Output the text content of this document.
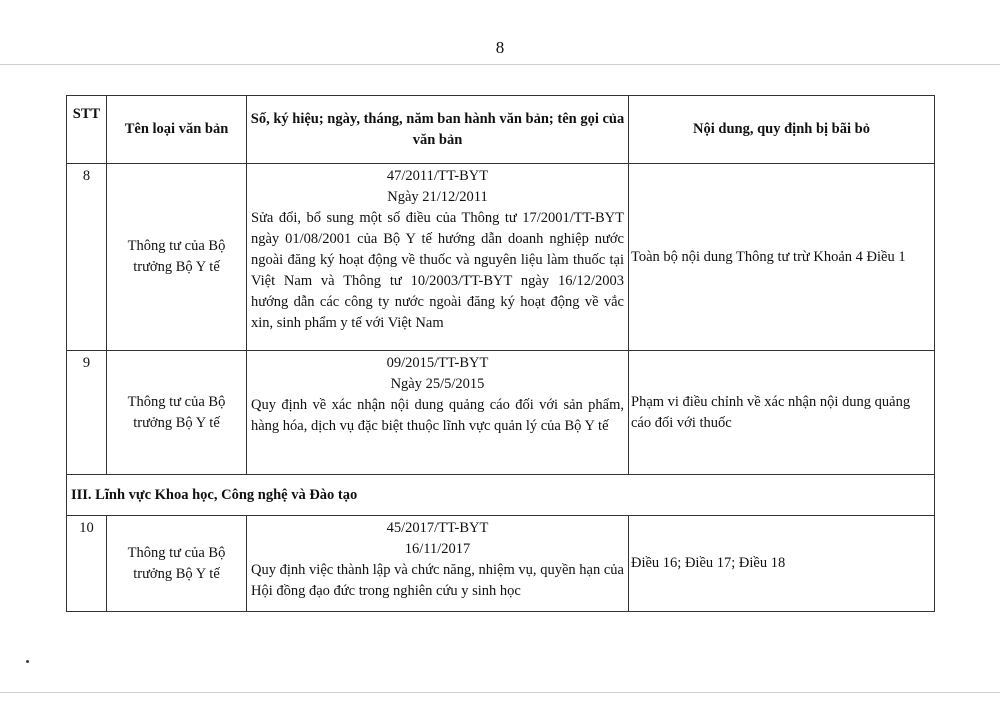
8
STT	Tên loại văn bản	Số, ký hiệu; ngày, tháng, năm ban hành văn bản; tên gọi của văn bản	Nội dung, quy định bị bãi bỏ
8	Thông tư của Bộ trưởng Bộ Y tế	47/2011/TT-BYT
Ngày 21/12/2011
Sửa đổi, bổ sung một số điều của Thông tư 17/2001/TT-BYT ngày 01/08/2001 của Bộ Y tế hướng dẫn doanh nghiệp nước ngoài đăng ký hoạt động về thuốc và nguyên liệu làm thuốc tại Việt Nam và Thông tư 10/2003/TT-BYT ngày 16/12/2003 hướng dẫn các công ty nước ngoài đăng ký hoạt động về vắc xin, sinh phẩm y tế với Việt Nam	Toàn bộ nội dung Thông tư trừ Khoản 4 Điều 1
9	Thông tư của Bộ trưởng Bộ Y tế	09/2015/TT-BYT
Ngày 25/5/2015
Quy định về xác nhận nội dung quảng cáo đối với sản phẩm, hàng hóa, dịch vụ đặc biệt thuộc lĩnh vực quản lý của Bộ Y tế	Phạm vi điều chỉnh về xác nhận nội dung quảng cáo đối với thuốc
III. Lĩnh vực Khoa học, Công nghệ và Đào tạo			
10	Thông tư của Bộ trưởng Bộ Y tế	45/2017/TT-BYT
16/11/2017
Quy định việc thành lập và chức năng, nhiệm vụ, quyền hạn của Hội đồng đạo đức trong nghiên cứu y sinh học	Điều 16; Điều 17; Điều 18
